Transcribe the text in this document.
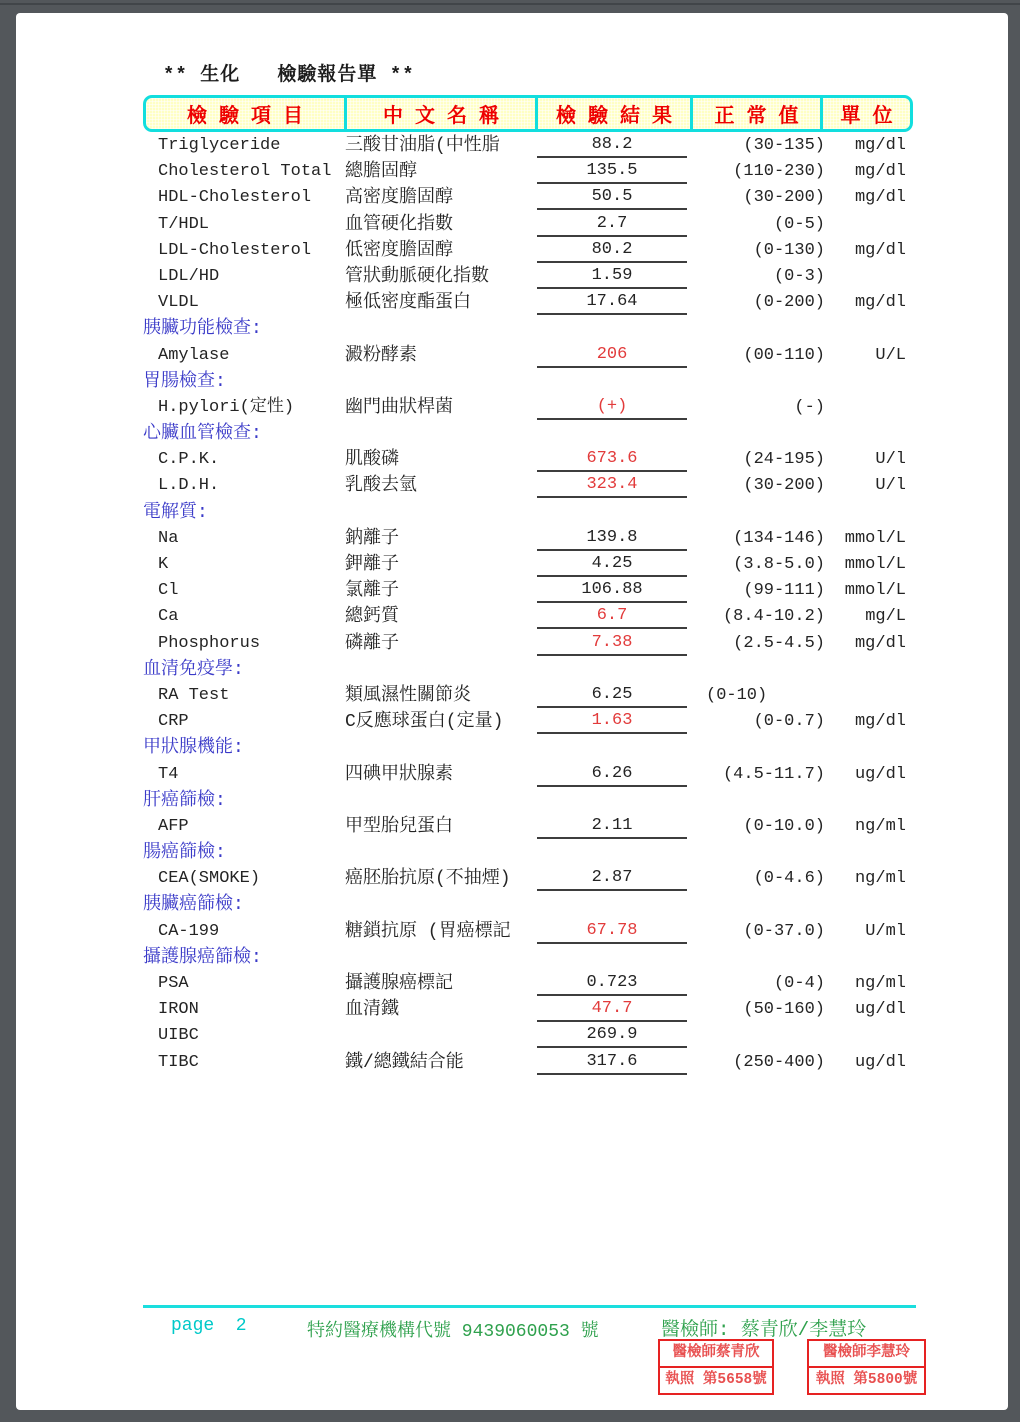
** 生化   檢驗報告單 **
檢 驗 項 目	中 文 名 稱	檢 驗 結 果	正 常 值	單 位
Triglyceride	三酸甘油脂(中性脂	88.2	(30-135)	mg/dl
Cholesterol Total 總膽固醇	135.5	(110-230)	mg/dl
HDL-Cholesterol 高密度膽固醇	50.5	(30-200)	mg/dl
T/HDL	血管硬化指數	2.7	(0-5)
LDL-Cholesterol 低密度膽固醇	80.2	(0-130)	mg/dl
LDL/HD	管狀動脈硬化指數	1.59	(0-3)
VLDL	極低密度酯蛋白	17.64	(0-200)	mg/dl
胰臟功能檢查:
Amylase	澱粉酵素	206	(00-110)	U/L
胃腸檢查:
H.pylori(定性)	幽門曲狀桿菌	(+)	(-)
心臟血管檢查:
C.P.K.	肌酸磷	673.6	(24-195)	U/l
L.D.H.	乳酸去氫	323.4	(30-200)	U/l
電解質:
Na	鈉離子	139.8	(134-146)	mmol/L
K	鉀離子	4.25	(3.8-5.0)	mmol/L
Cl	氯離子	106.88	(99-111)	mmol/L
Ca	總鈣質	6.7	(8.4-10.2)	mg/L
Phosphorus	磷離子	7.38	(2.5-4.5)	mg/dl
血清免疫學:
RA Test	類風濕性關節炎	6.25	(0-10)
CRP	C反應球蛋白(定量)	1.63	(0-0.7)	mg/dl
甲狀腺機能:
T4	四碘甲狀腺素	6.26	(4.5-11.7)	ug/dl
肝癌篩檢:
AFP	甲型胎兒蛋白	2.11	(0-10.0)	ng/ml
腸癌篩檢:
CEA(SMOKE)	癌胚胎抗原(不抽煙)	2.87	(0-4.6)	ng/ml
胰臟癌篩檢:
CA-199	糖鎖抗原 (胃癌標記	67.78	(0-37.0)	U/ml
攝護腺癌篩檢:
PSA	攝護腺癌標記	0.723	(0-4)	ng/ml
IRON	血清鐵	47.7	(50-160)	ug/dl
UIBC	269.9
TIBC	鐵/總鐵結合能	317.6	(250-400)	ug/dl
page  2	特約醫療機構代號 9439060053 號	醫檢師: 蔡青欣/李慧玲
醫檢師蔡青欣
執照 第5658號
醫檢師李慧玲
執照 第5800號
